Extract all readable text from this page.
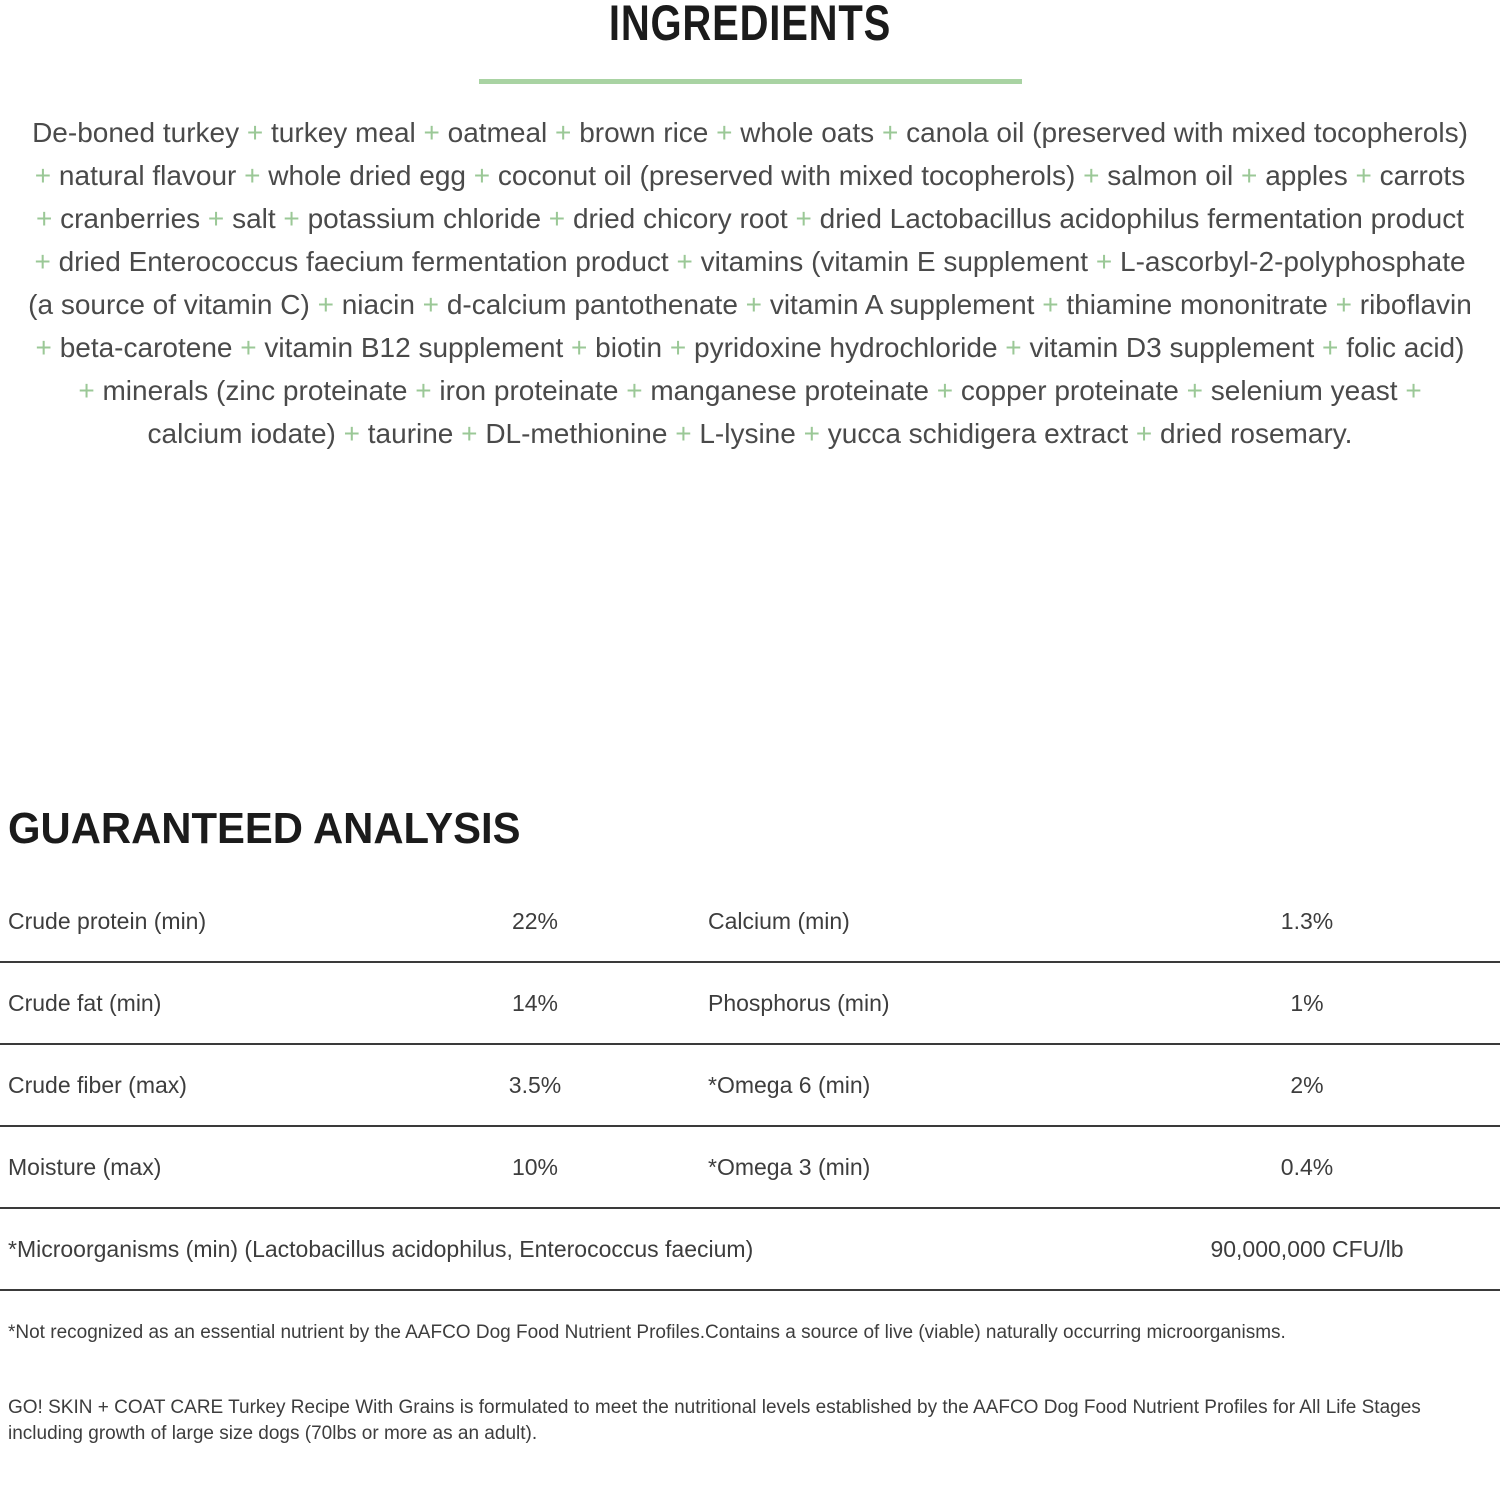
INGREDIENTS

De-boned turkey + turkey meal + oatmeal + brown rice + whole oats + canola oil (preserved with mixed tocopherols) + natural flavour + whole dried egg + coconut oil (preserved with mixed tocopherols) + salmon oil + apples + carrots + cranberries + salt + potassium chloride + dried chicory root + dried Lactobacillus acidophilus fermentation product + dried Enterococcus faecium fermentation product + vitamins (vitamin E supplement + L-ascorbyl-2-polyphosphate (a source of vitamin C) + niacin + d-calcium pantothenate + vitamin A supplement + thiamine mononitrate + riboflavin + beta-carotene + vitamin B12 supplement + biotin + pyridoxine hydrochloride + vitamin D3 supplement + folic acid) + minerals (zinc proteinate + iron proteinate + manganese proteinate + copper proteinate + selenium yeast + calcium iodate) + taurine + DL-methionine + L-lysine + yucca schidigera extract + dried rosemary.

GUARANTEED ANALYSIS
Crude protein (min)	22%	Calcium (min)	1.3%
Crude fat (min)	14%	Phosphorus (min)	1%
Crude fiber (max)	3.5%	*Omega 6 (min)	2%
Moisture (max)	10%	*Omega 3 (min)	0.4%
*Microorganisms (min) (Lactobacillus acidophilus, Enterococcus faecium)	90,000,000 CFU/lb

*Not recognized as an essential nutrient by the AAFCO Dog Food Nutrient Profiles.Contains a source of live (viable) naturally occurring microorganisms.

GO! SKIN + COAT CARE Turkey Recipe With Grains is formulated to meet the nutritional levels established by the AAFCO Dog Food Nutrient Profiles for All Life Stages including growth of large size dogs (70lbs or more as an adult).
